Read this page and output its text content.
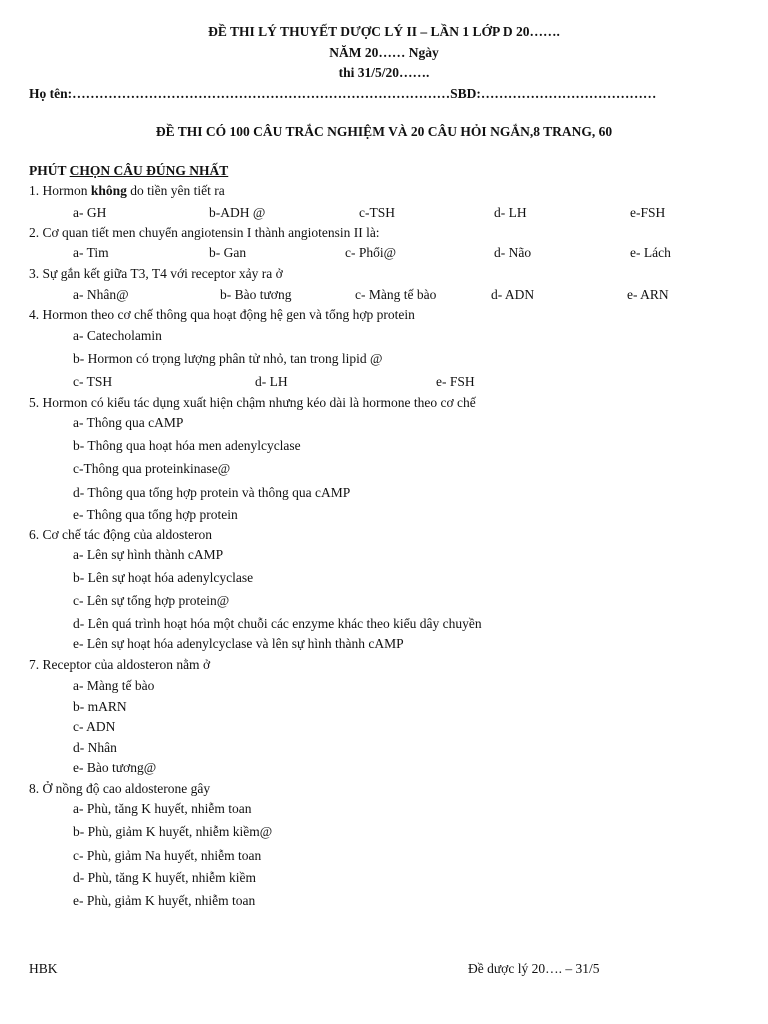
ĐỀ THI LÝ THUYẾT DƯỢC LÝ II – LẦN 1 LỚP D 20…….
NĂM 20…… Ngày
thi 31/5/20…….
Họ tên:…………………………………………………………………………SBD:…………………………………
ĐỀ THI CÓ 100 CÂU TRẮC NGHIỆM VÀ 20 CÂU HỎI NGẮN,8 TRANG, 60
PHÚT CHỌN CÂU ĐÚNG NHẤT
1. Hormon không do tiền yên tiết ra
a- GH	b-ADH @	c-TSH	d- LH	e-FSH
2. Cơ quan tiết men chuyển angiotensin I thành angiotensin II là:
a- Tim	b- Gan	c- Phổi@	d- Não	e- Lách
3. Sự gắn kết giữa T3, T4 với receptor xảy ra ở
a- Nhân@	b- Bào tương	c- Màng tế bào	d- ADN	e- ARN
4. Hormon theo cơ chế thông qua hoạt động hệ gen và tổng hợp protein
a- Catecholamin
b- Hormon có trọng lượng phân tử nhỏ, tan trong lipid @
c- TSH	d- LH	e- FSH
5. Hormon có kiểu tác dụng xuất hiện chậm nhưng kéo dài là hormone theo cơ chế
a- Thông qua cAMP
b- Thông qua hoạt hóa men adenylcyclase
c-Thông qua proteinkinase@
d- Thông qua tổng hợp protein và thông qua cAMP
e- Thông qua tổng hợp protein
6. Cơ chế tác động của aldosteron
a- Lên sự hình thành cAMP
b- Lên sự hoạt hóa adenylcyclase
c- Lên sự tổng hợp protein@
d- Lên quá trình hoạt hóa một chuỗi các enzyme khác theo kiểu dây chuyền
e- Lên sự hoạt hóa adenylcyclase và lên sự hình thành cAMP
7. Receptor của aldosteron nằm ở
a- Màng tế bào
b- mARN
c- ADN
d- Nhân
e- Bào tương@
8. Ở nồng độ cao aldosterone gây
a- Phù, tăng K huyết, nhiễm toan
b- Phù, giảm K huyết, nhiễm kiềm@
c- Phù, giảm Na huyết, nhiễm toan
d- Phù, tăng K huyết, nhiễm kiềm
e- Phù, giảm K huyết, nhiễm toan
HBK	Đề dược lý 20…. – 31/5
